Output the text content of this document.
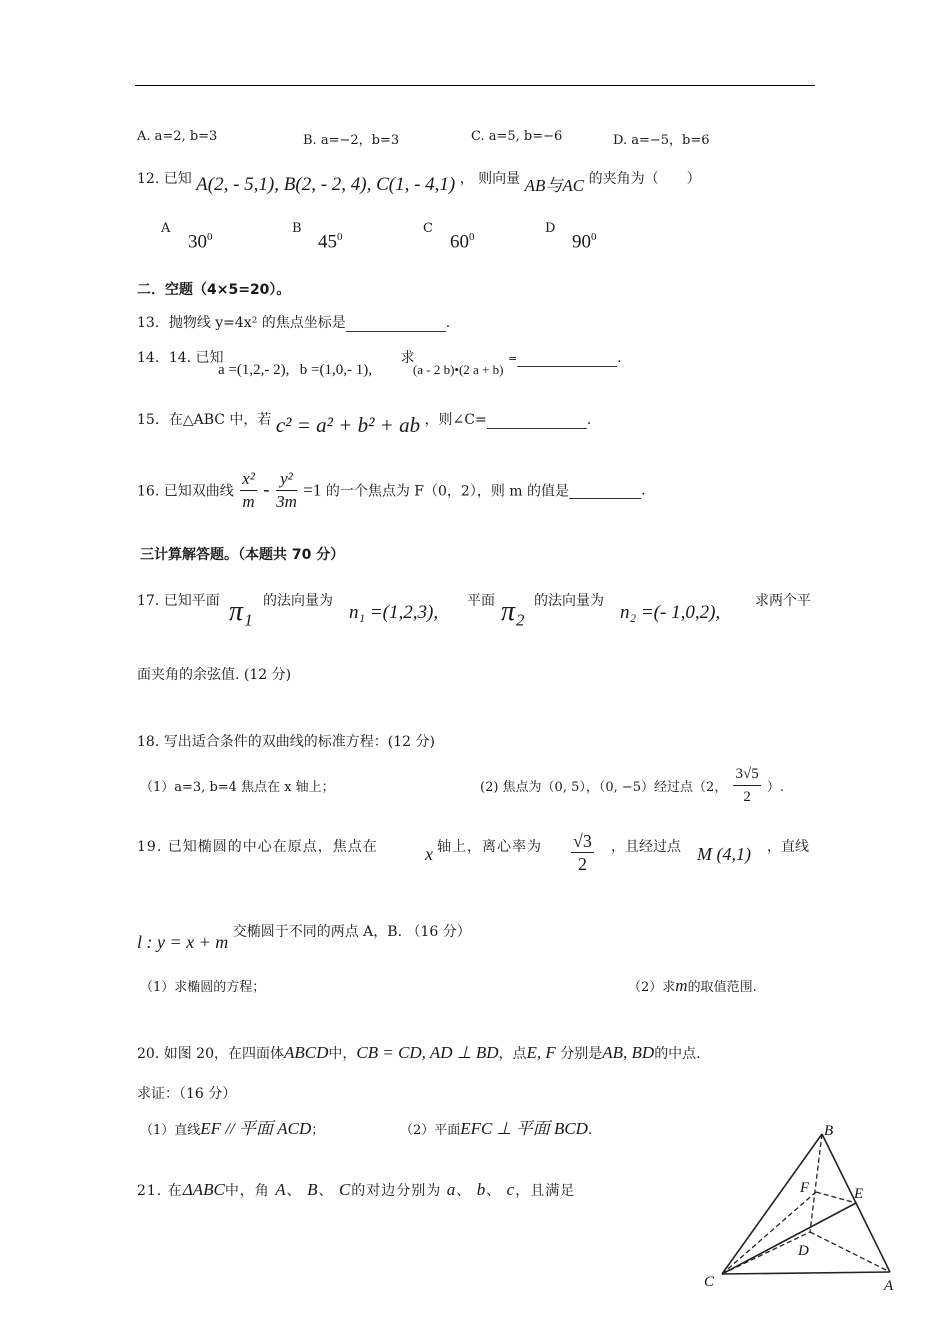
A. a=2, b=3	B. a=−2，b=3	C. a=5, b=−6	D. a=−5，b=6
12. 已知 A(2, - 5,1), B(2, - 2, 4), C(1, - 4,1) ， 则向量 AB与AC 的夹角为（　　）
A
$30^0$
B
$45^0$
C
$60^0$
D
$90^0$
二．空题（4×5=20）。
13．抛物线 y=4x² 的焦点坐标是	.
14．14. 已知 a =(1,2,- 2), b =(1,0,- 1), 求 (a - 2 b)•(2 a + b) =	.
15．在△ABC 中，若 c² = a² + b² + ab ，则∠C=	.
16. 已知双曲线 $\frac{\text{x²}}{m} - \frac{\text{y²}}{3m} =1$ 的一个焦点为 F（0，2），则 m 的值是	.
三计算解答题。（本题共 70 分）
17. 已知平面 π₁ 的法向量为
n₁ =(1,2,3),
平面 π₂ 的法向量为
n₂ =(- 1,0,2),
求两个平
面夹角的余弦值. (12 分)
18. 写出适合条件的双曲线的标准方程：(12 分)
（1）a=3, b=4 焦点在 x 轴上；	(2) 焦点为（0, 5），（0, −5）经过点（2， $\frac{3√5}{2}$ ）.
19. 已知椭圆的中心在原点，焦点在	x 轴上，离心率为 $\frac{√3}{2}$ ，且经过点 M (4,1) ，直线
l : y = x + m 交椭圆于不同的两点 A，B. （16 分）
（1）求椭圆的方程；	（2）求m的取值范围.
20. 如图 20，在四面体ABCD中，CB = CD, AD ⊥ BD，点E, F 分别是AB, BD的中点.
求证：（16 分）
（1）直线EF // 平面 ACD；	（2）平面EFC ⊥ 平面 BCD.
21. 在ΔABC中，角 A、 B、 C的对边分别为 a、 b、 c，且满足
B
F	E
D
C	A
